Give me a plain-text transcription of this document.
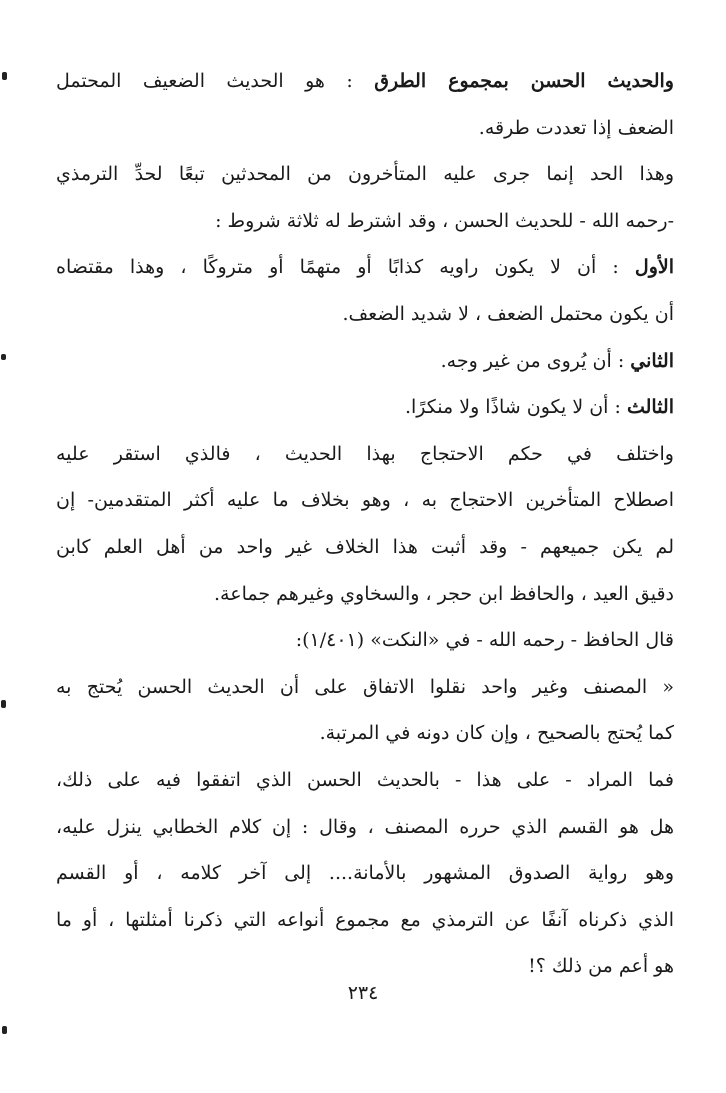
والحديث الحسن بمجموع الطرق : هو الحديث الضعيف المحتمل
الضعف إذا تعددت طرقه.
وهذا الحد إنما جرى عليه المتأخرون من المحدثين تبعًا لحدِّ الترمذي
-رحمه الله - للحديث الحسن ، وقد اشترط له ثلاثة شروط :
الأول : أن لا يكون راويه كذابًا أو متهمًا أو متروكًا ، وهذا مقتضاه
أن يكون محتمل الضعف ، لا شديد الضعف.
الثاني : أن يُروى من غير وجه.
الثالث : أن لا يكون شاذًا ولا منكرًا.
واختلف في حكم الاحتجاج بهذا الحديث ، فالذي استقر عليه
اصطلاح المتأخرين الاحتجاج به ، وهو بخلاف ما عليه أكثر المتقدمين- إن
لم يكن جميعهم - وقد أثبت هذا الخلاف غير واحد من أهل العلم كابن
دقيق العيد ، والحافظ ابن حجر ، والسخاوي وغيرهم جماعة.
قال الحافظ - رحمه الله - في «النكت» (١/٤٠١):
« المصنف وغير واحد نقلوا الاتفاق على أن الحديث الحسن يُحتج به
كما يُحتج بالصحيح ، وإن كان دونه في المرتبة.
فما المراد - على هذا - بالحديث الحسن الذي اتفقوا فيه على ذلك،
هل هو القسم الذي حرره المصنف ، وقال : إن كلام الخطابي ينزل عليه،
وهو رواية الصدوق المشهور بالأمانة.... إلى آخر كلامه ، أو القسم
الذي ذكرناه آنفًا عن الترمذي مع مجموع أنواعه التي ذكرنا أمثلتها ، أو ما
هو أعم من ذلك ؟!
٢٣٤
